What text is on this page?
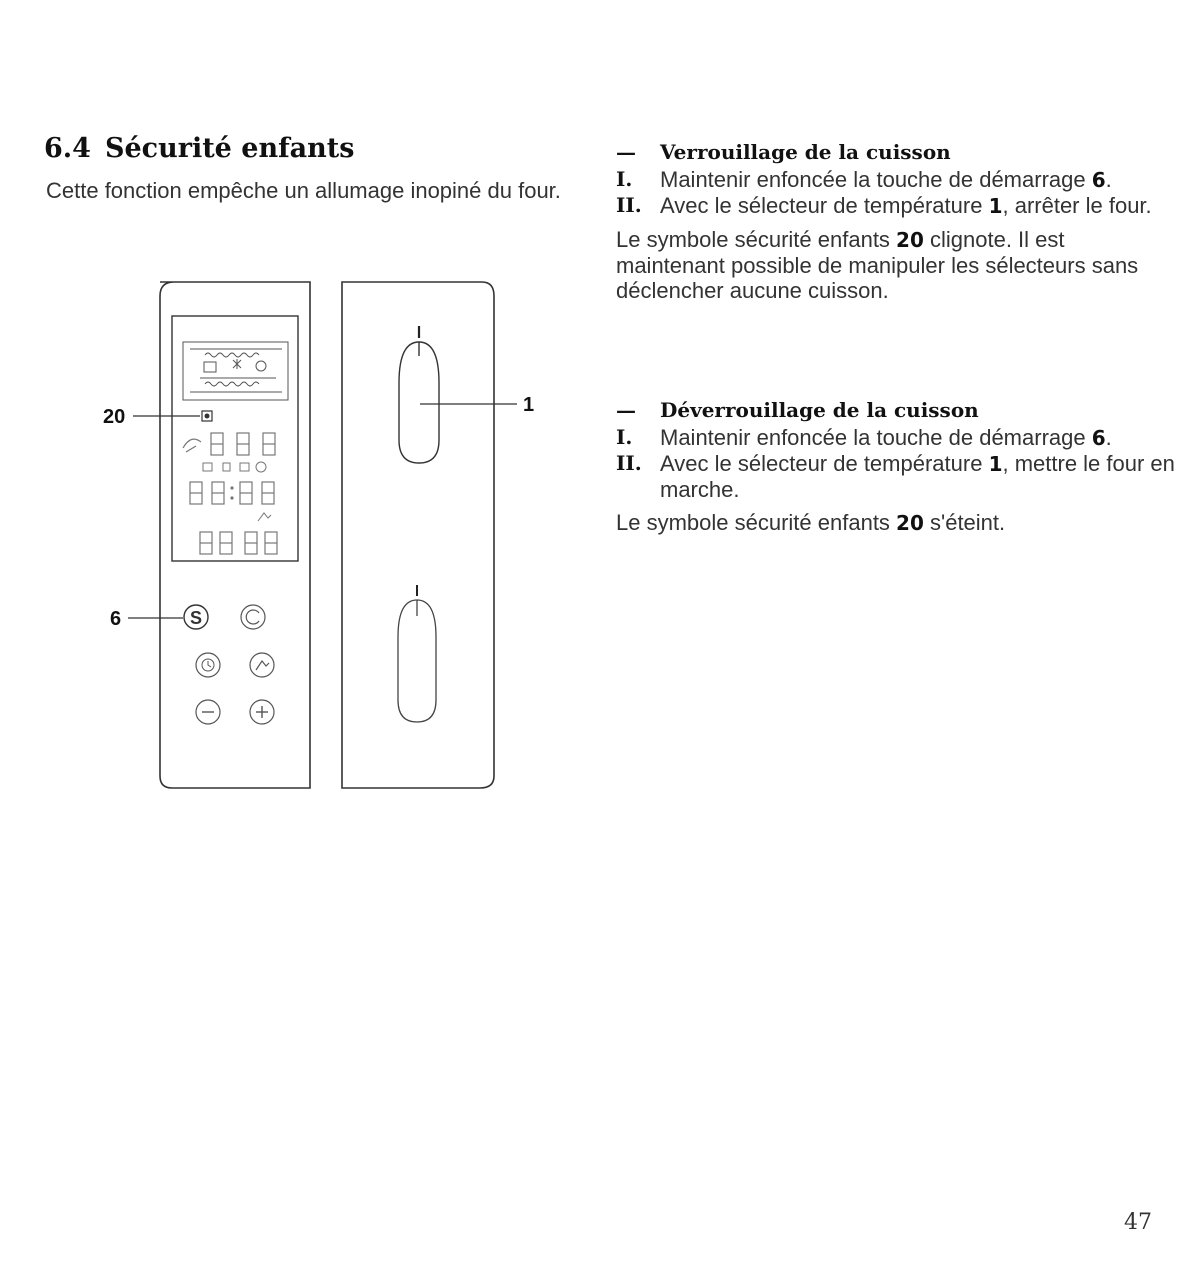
6.4 Sécurité enfants

Cette fonction empêche un allumage inopiné du four.

S
20
6
1
— Verrouillage de la cuisson
I.	Maintenir enfoncée la touche de démarrage 6.
II. Avec le sélecteur de température 1, arrêter le four.
Le symbole sécurité enfants 20 clignote. Il est maintenant possible de manipuler les sélecteurs sans déclencher aucune cuisson.
— Déverrouillage de la cuisson
I.	Maintenir enfoncée la touche de démarrage 6.
II. Avec le sélecteur de température 1, mettre le four en marche.
Le symbole sécurité enfants 20 s'éteint.
47
